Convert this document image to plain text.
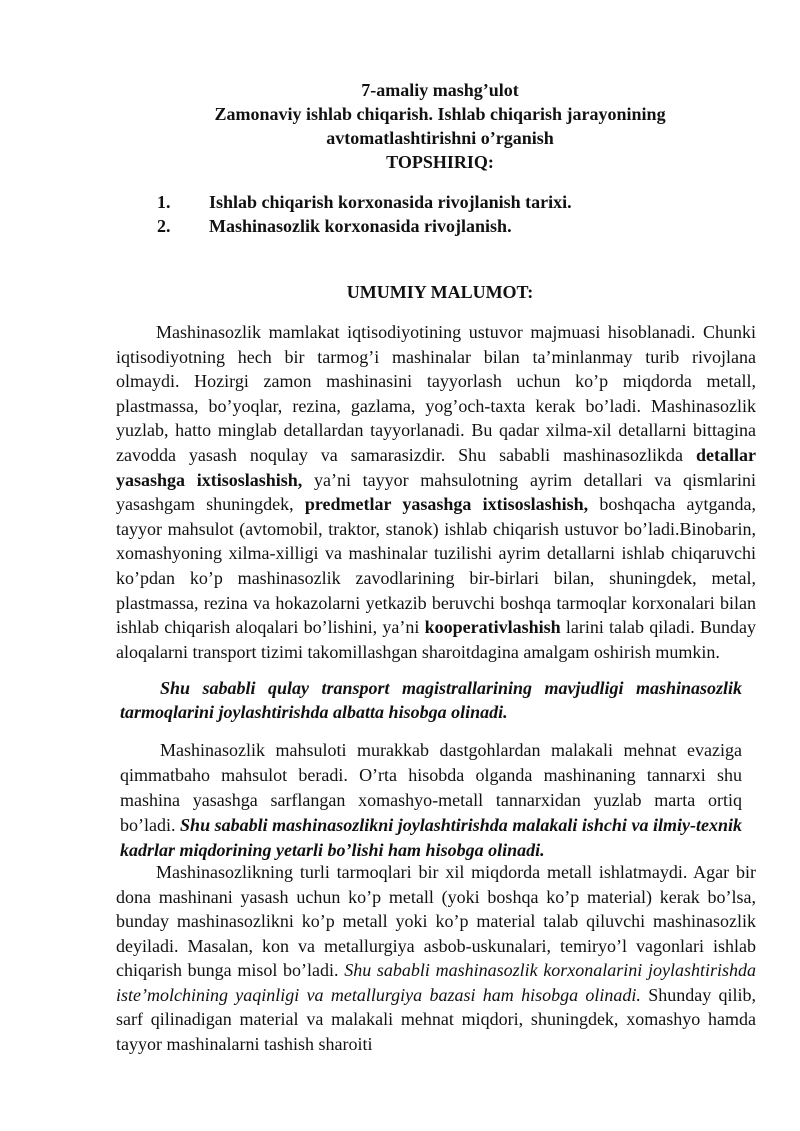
7-amaliy mashg’ulot
Zamonaviy ishlab chiqarish. Ishlab chiqarish jarayonining
avtomatlashtirishni o’rganish
TOPSHIRIQ:
1.	Ishlab chiqarish korxonasida rivojlanish tarixi.
2.	Mashinasozlik korxonasida rivojlanish.
UMUMIY MALUMOT:

Mashinasozlik mamlakat iqtisodiyotining ustuvor majmuasi hisoblanadi. Chunki iqtisodiyotning hech bir tarmog’i mashinalar bilan ta’minlanmay turib rivojlana olmaydi. Hozirgi zamon mashinasini tayyorlash uchun ko’p miqdorda metall, plastmassa, bo’yoqlar, rezina, gazlama, yog’och-taxta kerak bo’ladi. Mashinasozlik yuzlab, hatto minglab detallardan tayyorlanadi. Bu qadar xilma-xil detallarni bittagina zavodda yasash noqulay va samarasizdir. Shu sababli mashinasozlikda detallar yasashga ixtisoslashish, ya’ni tayyor mahsulotning ayrim detallari va qismlarini yasashgam shuningdek, predmetlar yasashga ixtisoslashish, boshqacha aytganda, tayyor mahsulot (avtomobil, traktor, stanok) ishlab chiqarish ustuvor bo’ladi.Binobarin, xomashyoning xilma-xilligi va mashinalar tuzilishi ayrim detallarni ishlab chiqaruvchi ko’pdan ko’p mashinasozlik zavodlarining bir-birlari bilan, shuningdek, metal, plastmassa, rezina va hokazolarni yetkazib beruvchi boshqa tarmoqlar korxonalari bilan ishlab chiqarish aloqalari bo’lishini, ya’ni kooperativlashish larini talab qiladi. Bunday aloqalarni transport tizimi takomillashgan sharoitdagina amalgam oshirish mumkin.

Shu sababli qulay transport magistrallarining mavjudligi mashinasozlik tarmoqlarini joylashtirishda albatta hisobga olinadi.

Mashinasozlik mahsuloti murakkab dastgohlardan malakali mehnat evaziga qimmatbaho mahsulot beradi. O’rta hisobda olganda mashinaning tannarxi shu mashina yasashga sarflangan xomashyo-metall tannarxidan yuzlab marta ortiq bo’ladi. Shu sababli mashinasozlikni joylashtirishda malakali ishchi va ilmiy-texnik kadrlar miqdorining yetarli bo’lishi ham hisobga olinadi.

Mashinasozlikning turli tarmoqlari bir xil miqdorda metall ishlatmaydi. Agar bir dona mashinani yasash uchun ko’p metall (yoki boshqa ko’p material) kerak bo’lsa, bunday mashinasozlikni ko’p metall yoki ko’p material talab qiluvchi mashinasozlik deyiladi. Masalan, kon va metallurgiya asbob-uskunalari, temiryo’l vagonlari ishlab chiqarish bunga misol bo’ladi. Shu sababli mashinasozlik korxonalarini joylashtirishda iste’molchining yaqinligi va metallurgiya bazasi ham hisobga olinadi. Shunday qilib, sarf qilinadigan material va malakali mehnat miqdori, shuningdek, xomashyo hamda tayyor mashinalarni tashish sharoiti
